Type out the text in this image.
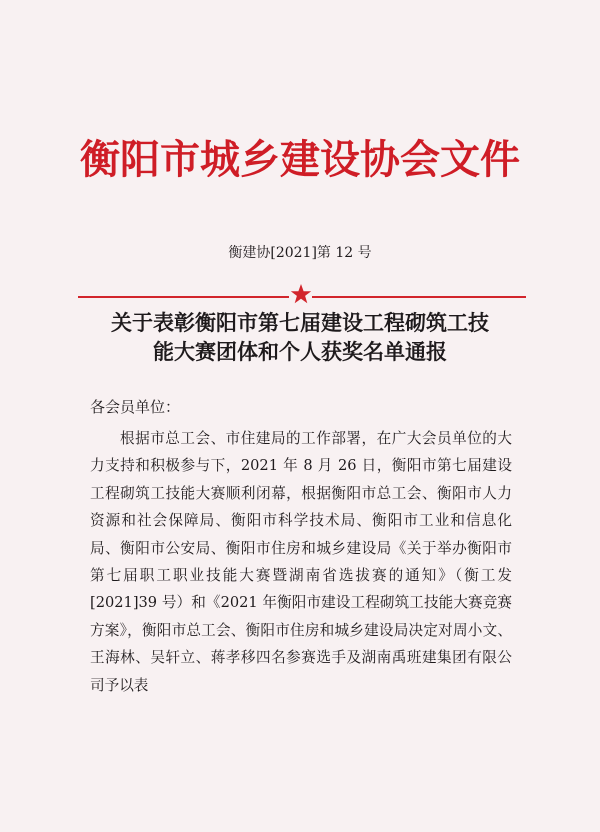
衡阳市城乡建设协会文件
衡建协[2021]第 12 号
关于表彰衡阳市第七届建设工程砌筑工技
能大赛团体和个人获奖名单通报
各会员单位：

根据市总工会、市住建局的工作部署，在广大会员单位的大力支持和积极参与下，2021 年 8 月 26 日，衡阳市第七届建设工程砌筑工技能大赛顺利闭幕，根据衡阳市总工会、衡阳市人力资源和社会保障局、衡阳市科学技术局、衡阳市工业和信息化局、衡阳市公安局、衡阳市住房和城乡建设局《关于举办衡阳市第七届职工职业技能大赛暨湖南省选拔赛的通知》（衡工发[2021]39 号）和《2021 年衡阳市建设工程砌筑工技能大赛竞赛方案》，衡阳市总工会、衡阳市住房和城乡建设局决定对周小文、王海林、吴轩立、蒋孝移四名参赛选手及湖南禹班建集团有限公司予以表
